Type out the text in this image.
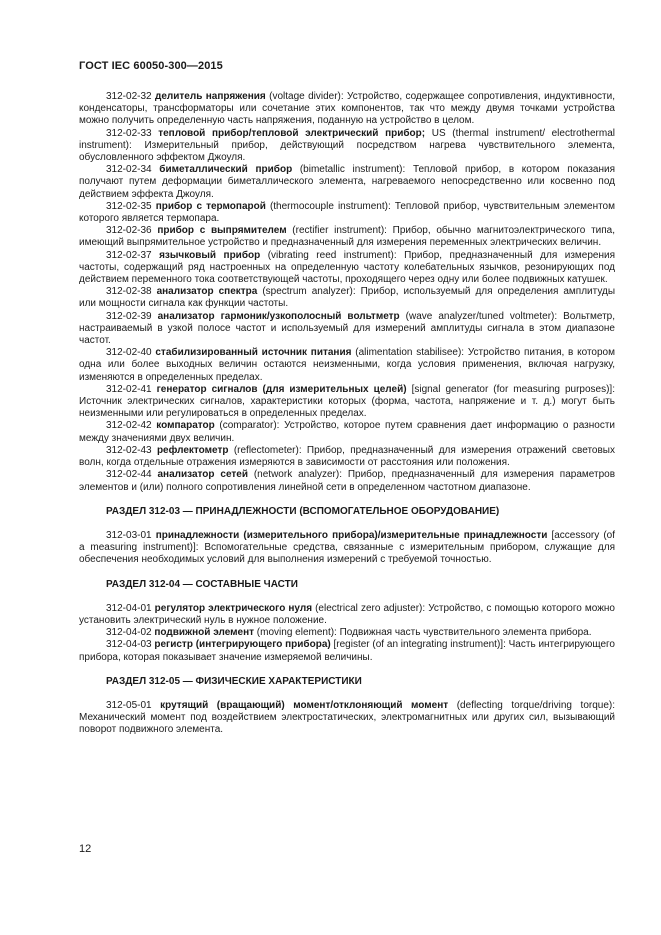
ГОСТ IEC 60050-300—2015

312-02-32 делитель напряжения (voltage divider): Устройство, содержащее сопротивления, индуктивности, конденсаторы, трансформаторы или сочетание этих компонентов, так что между двумя точками устройства можно получить определенную часть напряжения, поданную на устройство в целом.

312-02-33 тепловой прибор/тепловой электрический прибор; US (thermal instrument/ electrothermal instrument): Измерительный прибор, действующий посредством нагрева чувствительного элемента, обусловленного эффектом Джоуля.

312-02-34 биметаллический прибор (bimetallic instrument): Тепловой прибор, в котором показания получают путем деформации биметаллического элемента, нагреваемого непосредственно или косвенно под действием эффекта Джоуля.

312-02-35 прибор с термопарой (thermocouple instrument): Тепловой прибор, чувствительным элементом которого является термопара.

312-02-36 прибор с выпрямителем (rectifier instrument): Прибор, обычно магнитоэлектрического типа, имеющий выпрямительное устройство и предназначенный для измерения переменных электрических величин.

312-02-37 язычковый прибор (vibrating reed instrument): Прибор, предназначенный для измерения частоты, содержащий ряд настроенных на определенную частоту колебательных язычков, резонирующих под действием переменного тока соответствующей частоты, проходящего через одну или более подвижных катушек.

312-02-38 анализатор спектра (spectrum analyzer): Прибор, используемый для определения амплитуды или мощности сигнала как функции частоты.

312-02-39 анализатор гармоник/узкополосный вольтметр (wave analyzer/tuned voltmeter): Вольтметр, настраиваемый в узкой полосе частот и используемый для измерений амплитуды сигнала в этом диапазоне частот.

312-02-40 стабилизированный источник питания (alimentation stabilisee): Устройство питания, в котором одна или более выходных величин остаются неизменными, когда условия применения, включая нагрузку, изменяются в определенных пределах.

312-02-41 генератор сигналов (для измерительных целей) [signal generator (for measuring purposes)]: Источник электрических сигналов, характеристики которых (форма, частота, напряжение и т. д.) могут быть неизменными или регулироваться в определенных пределах.

312-02-42 компаратор (comparator): Устройство, которое путем сравнения дает информацию о разности между значениями двух величин.

312-02-43 рефлектометр (reflectometer): Прибор, предназначенный для измерения отражений световых волн, когда отдельные отражения измеряются в зависимости от расстояния или положения.

312-02-44 анализатор сетей (network analyzer): Прибор, предназначенный для измерения параметров элементов и (или) полного сопротивления линейной сети в определенном частотном диапазоне.

РАЗДЕЛ 312-03 — ПРИНАДЛЕЖНОСТИ (ВСПОМОГАТЕЛЬНОЕ ОБОРУДОВАНИЕ)

312-03-01 принадлежности (измерительного прибора)/измерительные принадлежности [accessory (of a measuring instrument)]: Вспомогательные средства, связанные с измерительным прибором, служащие для обеспечения необходимых условий для выполнения измерений с требуемой точностью.

РАЗДЕЛ 312-04 — СОСТАВНЫЕ ЧАСТИ

312-04-01 регулятор электрического нуля (electrical zero adjuster): Устройство, с помощью которого можно установить электрический нуль в нужное положение.

312-04-02 подвижной элемент (moving element): Подвижная часть чувствительного элемента прибора.

312-04-03 регистр (интегрирующего прибора) [register (of an integrating instrument)]: Часть интегрирующего прибора, которая показывает значение измеряемой величины.

РАЗДЕЛ 312-05 — ФИЗИЧЕСКИЕ ХАРАКТЕРИСТИКИ

312-05-01 крутящий (вращающий) момент/отклоняющий момент (deflecting torque/driving torque): Механический момент под воздействием электростатических, электромагнитных или других сил, вызывающий поворот подвижного элемента.

12
